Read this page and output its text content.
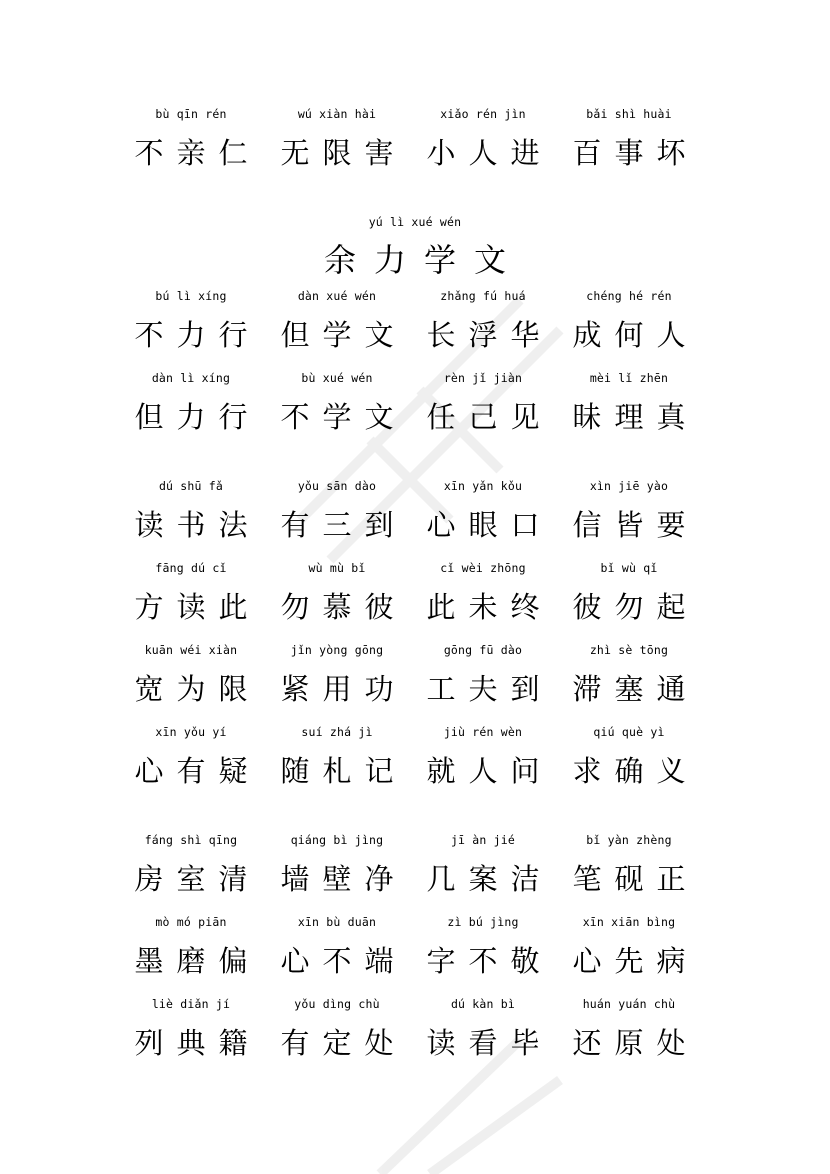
bù qīn rén
不亲仁
wú xiàn hài
无限害
xiǎo rén jìn
小人进
bǎi shì huài
百事坏
yú lì xué wén
余力学文
bú lì xíng
不力行
dàn xué wén
但学文
zhǎng fú huá
长浮华
chéng hé rén
成何人
dàn lì xíng
但力行
bù xué wén
不学文
rèn jǐ jiàn
任己见
mèi lǐ zhēn
昧理真
dú shū fǎ
读书法
yǒu sān dào
有三到
xīn yǎn kǒu
心眼口
xìn jiē yào
信皆要
fāng dú cǐ
方读此
wù mù bǐ
勿慕彼
cǐ wèi zhōng
此未终
bǐ wù qǐ
彼勿起
kuān wéi xiàn
宽为限
jǐn yòng gōng
紧用功
gōng fū dào
工夫到
zhì sè tōng
滞塞通
xīn yǒu yí
心有疑
suí zhá jì
随札记
jiù rén wèn
就人问
qiú què yì
求确义
fáng shì qīng
房室清
qiáng bì jìng
墙壁净
jī àn jié
几案洁
bǐ yàn zhèng
笔砚正
mò mó piān
墨磨偏
xīn bù duān
心不端
zì bú jìng
字不敬
xīn xiān bìng
心先病
liè diǎn jí
列典籍
yǒu dìng chù
有定处
dú kàn bì
读看毕
huán yuán chù
还原处
